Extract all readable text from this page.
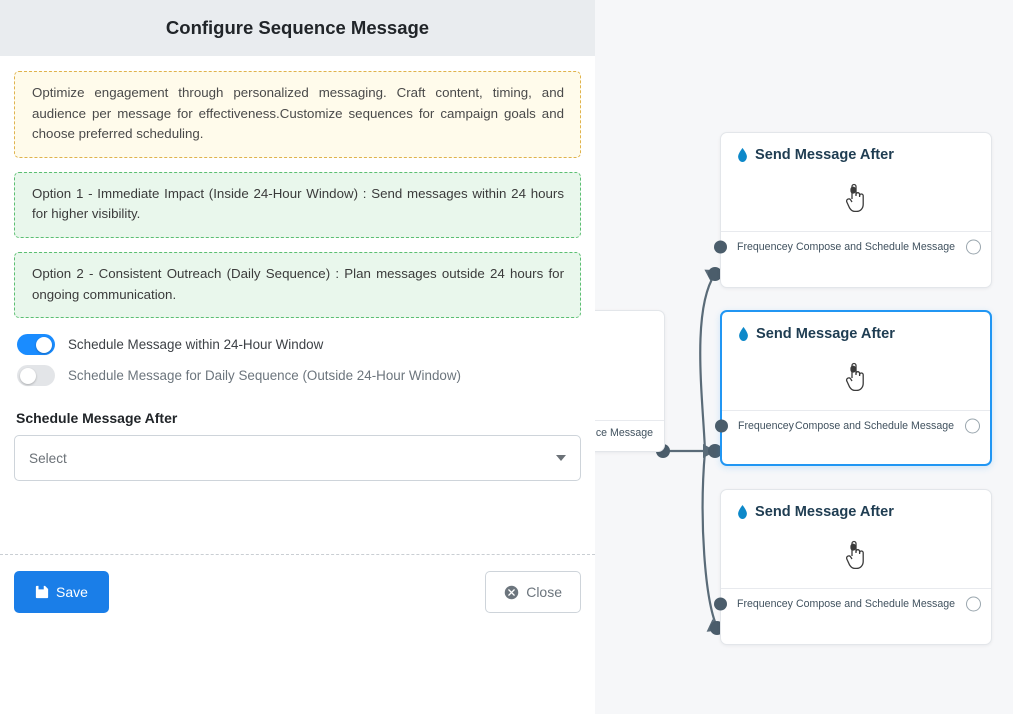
Configure Sequence Message
Optimize engagement through personalized messaging. Craft content, timing, and audience per message for effectiveness.Customize sequences for campaign goals and choose preferred scheduling.
Option 1 - Immediate Impact (Inside 24-Hour Window) : Send messages within 24 hours for higher visibility.
Option 2 - Consistent Outreach (Daily Sequence) : Plan messages outside 24 hours for ongoing communication.
Schedule Message within 24-Hour Window
Schedule Message for Daily Sequence (Outside 24-Hour Window)
Schedule Message After
Select
Save	Close
ce Message
Send Message After
Frequencey Compose and Schedule Message
Send Message After
Frequencey Compose and Schedule Message
Send Message After
Frequencey Compose and Schedule Message
